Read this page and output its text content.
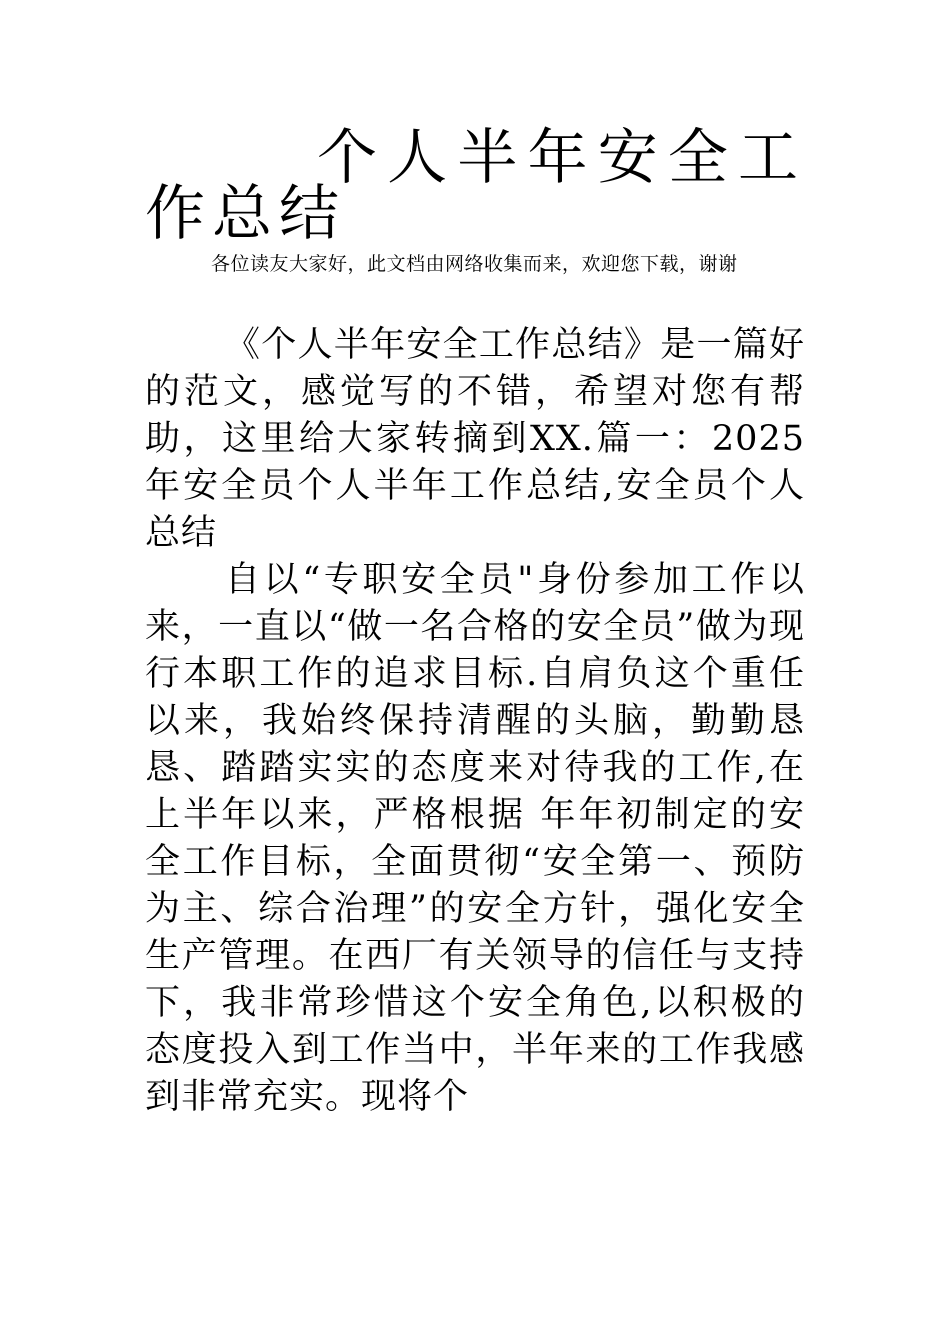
个人半年安全工作总结

各位读友大家好，此文档由网络收集而来，欢迎您下载，谢谢

《个人半年安全工作总结》是一篇好的范文，感觉写的不错，希望对您有帮助，这里给大家转摘到XX.篇一：2025年安全员个人半年工作总结,安全员个人总结

自以“专职安全员"身份参加工作以来，一直以“做一名合格的安全员”做为现行本职工作的追求目标.自肩负这个重任以来，我始终保持清醒的头脑，勤勤恳恳、踏踏实实的态度来对待我的工作,在 上半年以来，严格根据 年年初制定的安全工作目标，全面贯彻“安全第一、预防为主、综合治理”的安全方针，强化安全生产管理。在西厂有关领导的信任与支持下，我非常珍惜这个安全角色,以积极的态度投入到工作当中，半年来的工作我感到非常充实。现将个
